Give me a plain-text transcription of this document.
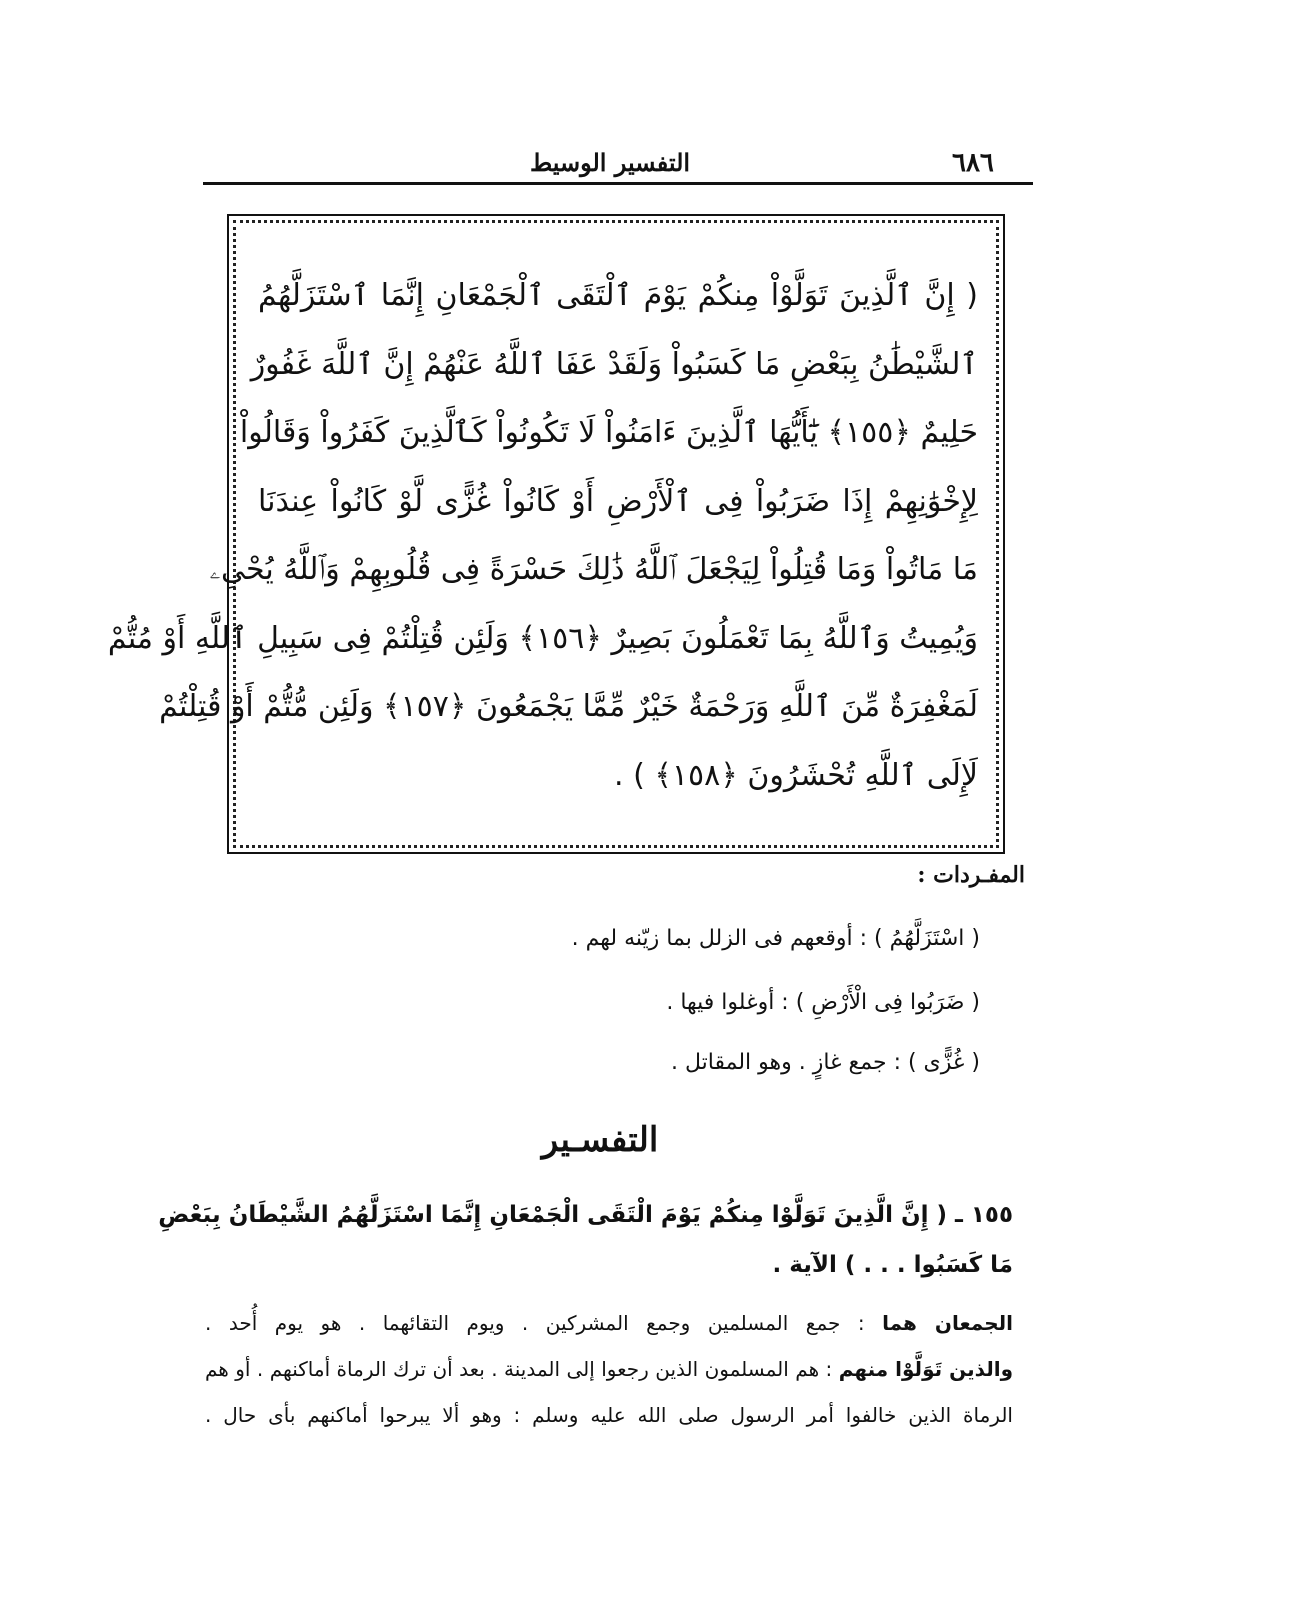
٦٨٦
التفسير الوسيط
( إِنَّ ٱلَّذِينَ تَوَلَّوْاْ مِنكُمْ يَوْمَ ٱلْتَقَى ٱلْجَمْعَانِ إِنَّمَا ٱسْتَزَلَّهُمُ
ٱلشَّيْطَٰنُ بِبَعْضِ مَا كَسَبُواْ وَلَقَدْ عَفَا ٱللَّهُ عَنْهُمْ إِنَّ ٱللَّهَ غَفُورٌ
حَلِيمٌ ﴿١٥٥﴾ يَٰٓأَيُّهَا ٱلَّذِينَ ءَامَنُواْ لَا تَكُونُواْ كَٱلَّذِينَ كَفَرُواْ وَقَالُواْ
لِإِخْوَٰنِهِمْ إِذَا ضَرَبُواْ فِى ٱلْأَرْضِ أَوْ كَانُواْ غُزًّى لَّوْ كَانُواْ عِندَنَا
مَا مَاتُواْ وَمَا قُتِلُواْ لِيَجْعَلَ ٱللَّهُ ذَٰلِكَ حَسْرَةً فِى قُلُوبِهِمْ وَٱللَّهُ يُحْىِۦ
وَيُمِيتُ وَٱللَّهُ بِمَا تَعْمَلُونَ بَصِيرٌ ﴿١٥٦﴾ وَلَئِن قُتِلْتُمْ فِى سَبِيلِ ٱللَّهِ أَوْ مُتُّمْ
لَمَغْفِرَةٌ مِّنَ ٱللَّهِ وَرَحْمَةٌ خَيْرٌ مِّمَّا يَجْمَعُونَ ﴿١٥٧﴾ وَلَئِن مُّتُّمْ أَوْ قُتِلْتُمْ
لَإِلَى ٱللَّهِ تُحْشَرُونَ ﴿١٥٨﴾ ) .
المفـردات :
( اسْتَزَلَّهُمُ ) : أوقعهم فى الزلل بما زيّنه لهم .
( ضَرَبُوا فِى الْأَرْضِ ) : أوغلوا فيها .
( غُزًّى ) : جمع غازٍ . وهو المقاتل .
التفسـير
١٥٥ ـ ( إِنَّ الَّذِينَ تَوَلَّوْا مِنكُمْ يَوْمَ الْتَقَى الْجَمْعَانِ إِنَّمَا اسْتَزَلَّهُمُ الشَّيْطَانُ بِبَعْضِ
مَا كَسَبُوا . . . ) الآية .
الجمعان هما : جمع المسلمين وجمع المشركين . ويوم التقائهما . هو يوم أُحد .
والذين تَوَلَّوْا منهم : هم المسلمون الذين رجعوا إلى المدينة . بعد أن ترك الرماة أماكنهم . أو هم
الرماة الذين خالفوا أمر الرسول صلى الله عليه وسلم : وهو ألا يبرحوا أماكنهم بأى حال .
